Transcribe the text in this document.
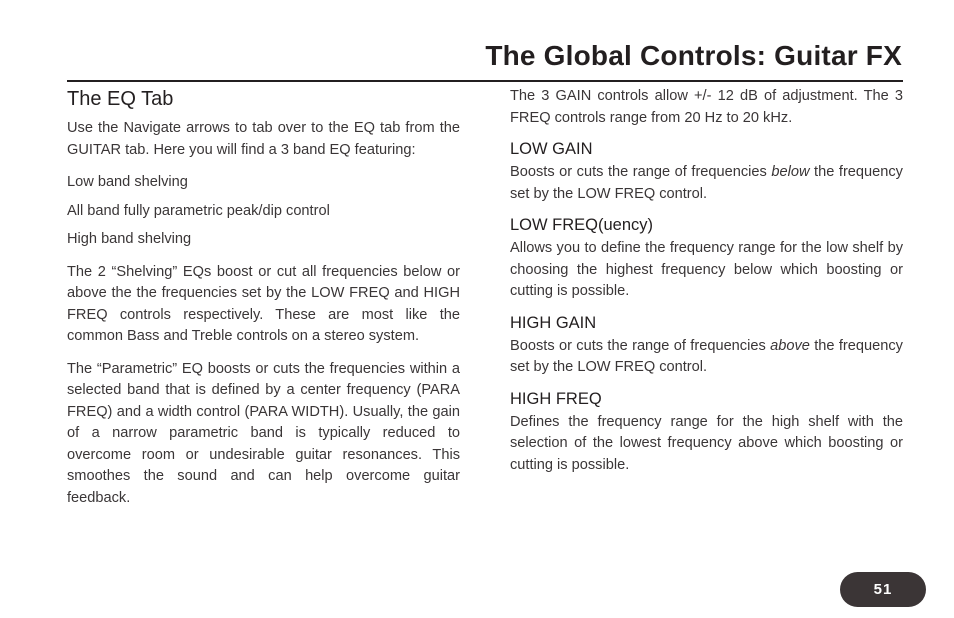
The Global Controls: Guitar FX
The EQ Tab

Use the Navigate arrows to tab over to the EQ tab from the GUITAR tab. Here you will find a 3 band EQ featuring:

Low band shelving

All band fully parametric peak/dip control

High band shelving

The 2 “Shelving” EQs boost or cut all frequencies below or above the the frequencies set by the LOW FREQ and HIGH FREQ controls respectively. These are most like the common Bass and Treble controls on a stereo system.

The “Parametric” EQ boosts or cuts the frequencies within a selected band that is defined by a center frequency (PARA FREQ) and a width control (PARA WIDTH). Usually, the gain of a narrow parametric band is typically reduced to overcome room or undesirable guitar resonances. This smoothes the sound and can help overcome guitar feedback.

The 3 GAIN controls allow +/- 12 dB of adjustment. The 3 FREQ controls range from 20 Hz to 20 kHz.

LOW GAIN

Boosts or cuts the range of frequencies below the frequency set by the LOW FREQ control.

LOW FREQ(uency)

Allows you to define the frequency range for the low shelf by choosing the highest frequency below which boosting or cutting is possible.

HIGH GAIN

Boosts or cuts the range of frequencies above the frequency set by the LOW FREQ control.

HIGH FREQ

Defines the frequency range for the high shelf with the selection of the lowest frequency above which boosting or cutting is possible.

51
